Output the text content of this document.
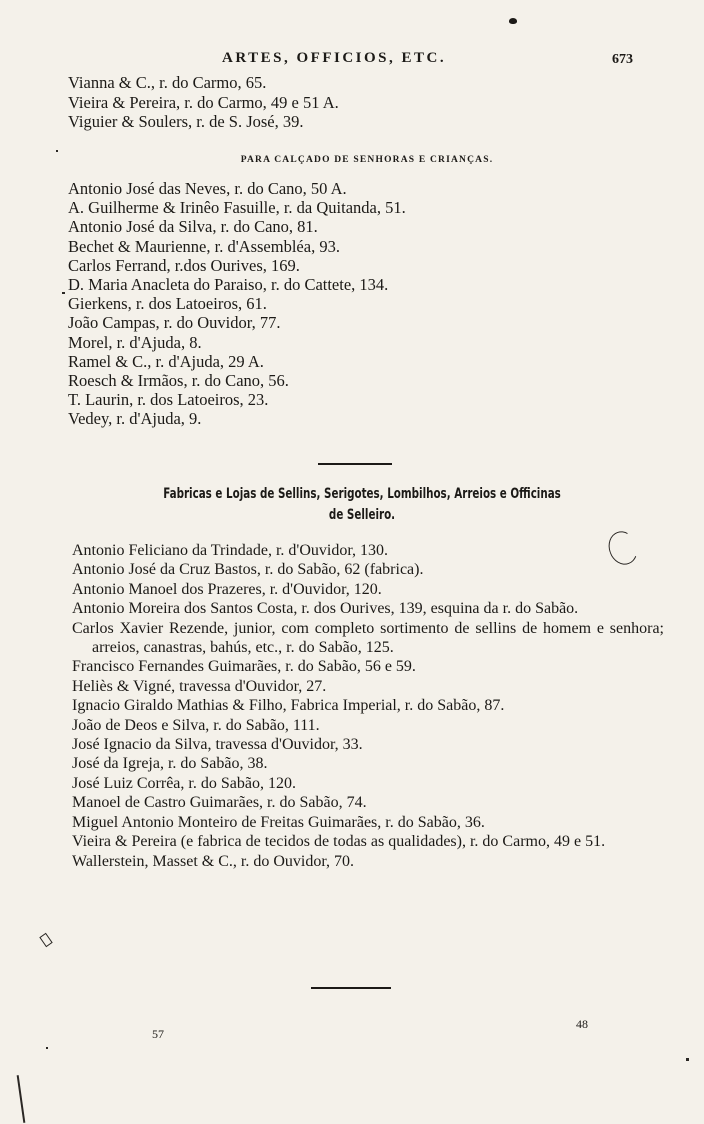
ARTES, OFFICIOS, ETC.	673
Vianna & C., r. do Carmo, 65.
Vieira & Pereira, r. do Carmo, 49 e 51 A.
Viguier & Soulers, r. de S. José, 39.
PARA CALÇADO DE SENHORAS E CRIANÇAS.
Antonio José das Neves, r. do Cano, 50 A.
A. Guilherme & Irinêo Fasuille, r. da Quitanda, 51.
Antonio José da Silva, r. do Cano, 81.
Bechet & Maurienne, r. d'Assembléa, 93.
Carlos Ferrand, r.dos Ourives, 169.
D. Maria Anacleta do Paraiso, r. do Cattete, 134.
Gierkens, r. dos Latoeiros, 61.
João Campas, r. do Ouvidor, 77.
Morel, r. d'Ajuda, 8.
Ramel & C., r. d'Ajuda, 29 A.
Roesch & Irmãos, r. do Cano, 56.
T. Laurin, r. dos Latoeiros, 23.
Vedey, r. d'Ajuda, 9.
Fabricas e Lojas de Sellins, Serigotes, Lombilhos, Arreios e Officinas
de Selleiro.
Antonio Feliciano da Trindade, r. d'Ouvidor, 130.
Antonio José da Cruz Bastos, r. do Sabão, 62 (fabrica).
Antonio Manoel dos Prazeres, r. d'Ouvidor, 120.
Antonio Moreira dos Santos Costa, r. dos Ourives, 139, esquina da r. do Sabão.
Carlos Xavier Rezende, junior, com completo sortimento de sellins de homem e senhora; arreios, canastras, bahús, etc., r. do Sabão, 125.
Francisco Fernandes Guimarães, r. do Sabão, 56 e 59.
Heliès & Vigné, travessa d'Ouvidor, 27.
Ignacio Giraldo Mathias & Filho, Fabrica Imperial, r. do Sabão, 87.
João de Deos e Silva, r. do Sabão, 111.
José Ignacio da Silva, travessa d'Ouvidor, 33.
José da Igreja, r. do Sabão, 38.
José Luiz Corrêa, r. do Sabão, 120.
Manoel de Castro Guimarães, r. do Sabão, 74.
Miguel Antonio Monteiro de Freitas Guimarães, r. do Sabão, 36.
Vieira & Pereira (e fabrica de tecidos de todas as qualidades), r. do Carmo, 49 e 51.
Wallerstein, Masset & C., r. do Ouvidor, 70.
57
48
